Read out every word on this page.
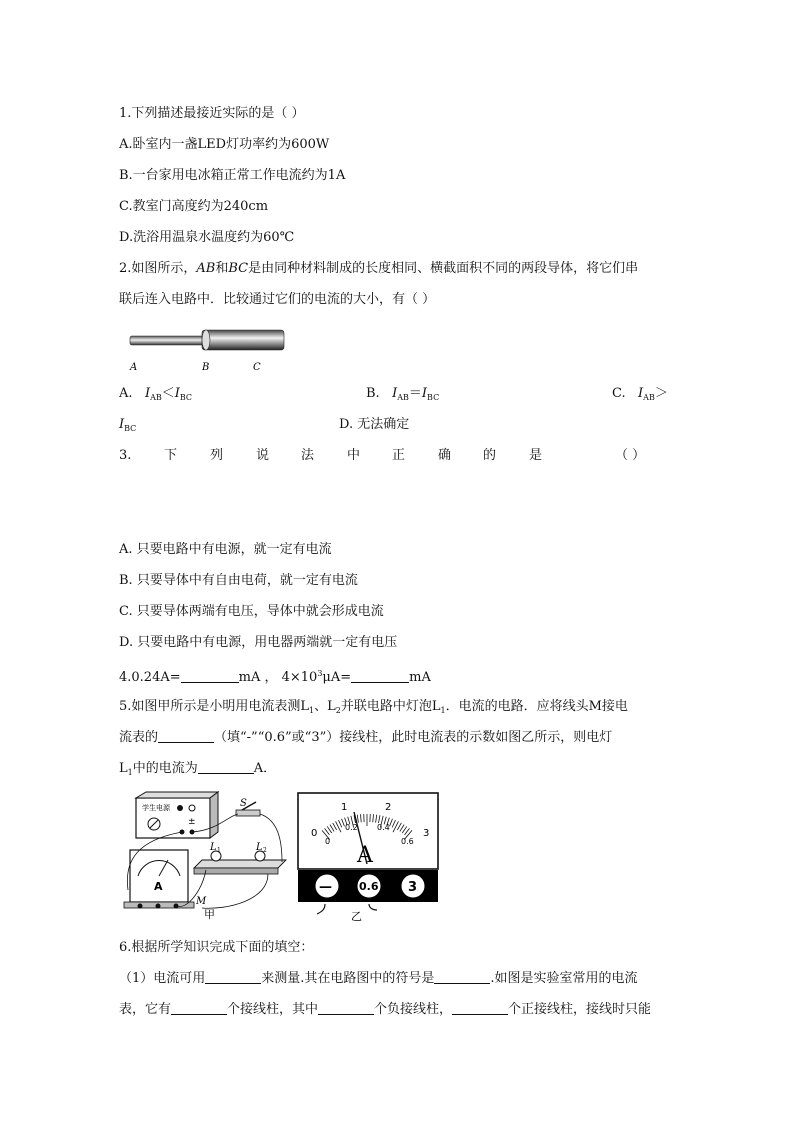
1.下列描述最接近实际的是（ ）
A.卧室内一盏LED灯功率约为600W
B.一台家用电冰箱正常工作电流约为1A
C.教室门高度约为240cm
D.洗浴用温泉水温度约为60℃
2.如图所示，AB和BC是由同种材料制成的长度相同、横截面积不同的两段导体，将它们串
联后连入电路中．比较通过它们的电流的大小，有（ ）
A	B	C
A. $I_{AB}<I_{BC}$	B. $I_{AB}=I_{BC}$	C. $I_{AB}>$
$I_{BC}$	D. 无法确定
3.	下	列	说 法	中 正	确 的	是	（ ）
A. 只要电路中有电源，就一定有电流
B. 只要导体中有自由电荷，就一定有电流
C. 只要导体两端有电压，导体中就会形成电流
D. 只要电路中有电源，用电器两端就一定有电压
4.0.24A=	mA ， $4\times 10^3\mu A=$	mA
5.如图甲所示是小明用电流表测$L_1$、$L_2$并联电路中灯泡$L_1$．电流的电路．应将线头M接电
流表的	（填“-”“0.6”或“3”）接线柱，此时电流表的示数如图乙所示，则电灯
$L_1$中的电流为	A．
学生电源
±
S
L 1	L 2
A
M
甲
0
1	2
3
0
0.2 0.4
0.6
A
— 0.6 3
乙
6.根据所学知识完成下面的填空：
（1）电流可用	来测量.其在电路图中的符号是	.如图是实验室常用的电流
表，它有	个接线柱，其中	个负接线柱，	个正接线柱，接线时只能
